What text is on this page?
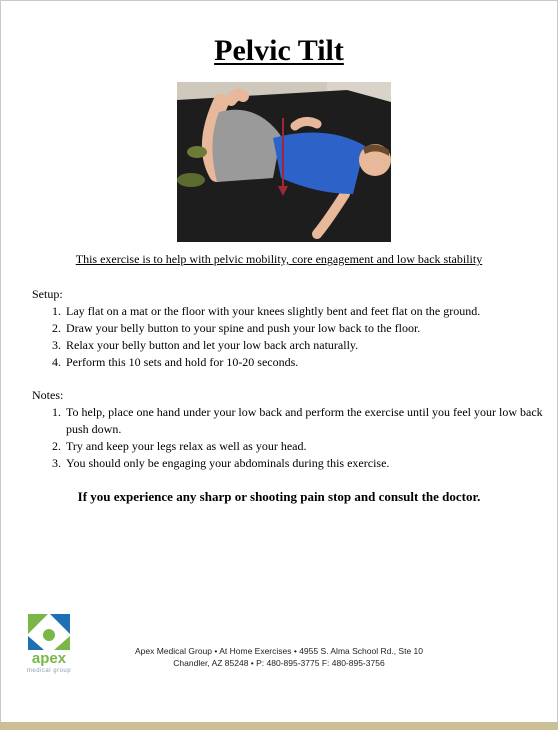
Pelvic Tilt
This exercise is to help with pelvic mobility, core engagement and low back stability
Setup:
1. Lay flat on a mat or the floor with your knees slightly bent and feet flat on the ground.
2. Draw your belly button to your spine and push your low back to the floor.
3. Relax your belly button and let your low back arch naturally.
4. Perform this 10 sets and hold for 10-20 seconds.
Notes:
1. To help, place one hand under your low back and perform the exercise until you feel your low back push down.
2. Try and keep your legs relax as well as your head.
3. You should only be engaging your abdominals during this exercise.
If you experience any sharp or shooting pain stop and consult the doctor.
apex
medical group
Apex Medical Group • At Home Exercises • 4955 S. Alma School Rd., Ste 10
Chandler, AZ 85248 • P: 480-895-3775 F: 480-895-3756
